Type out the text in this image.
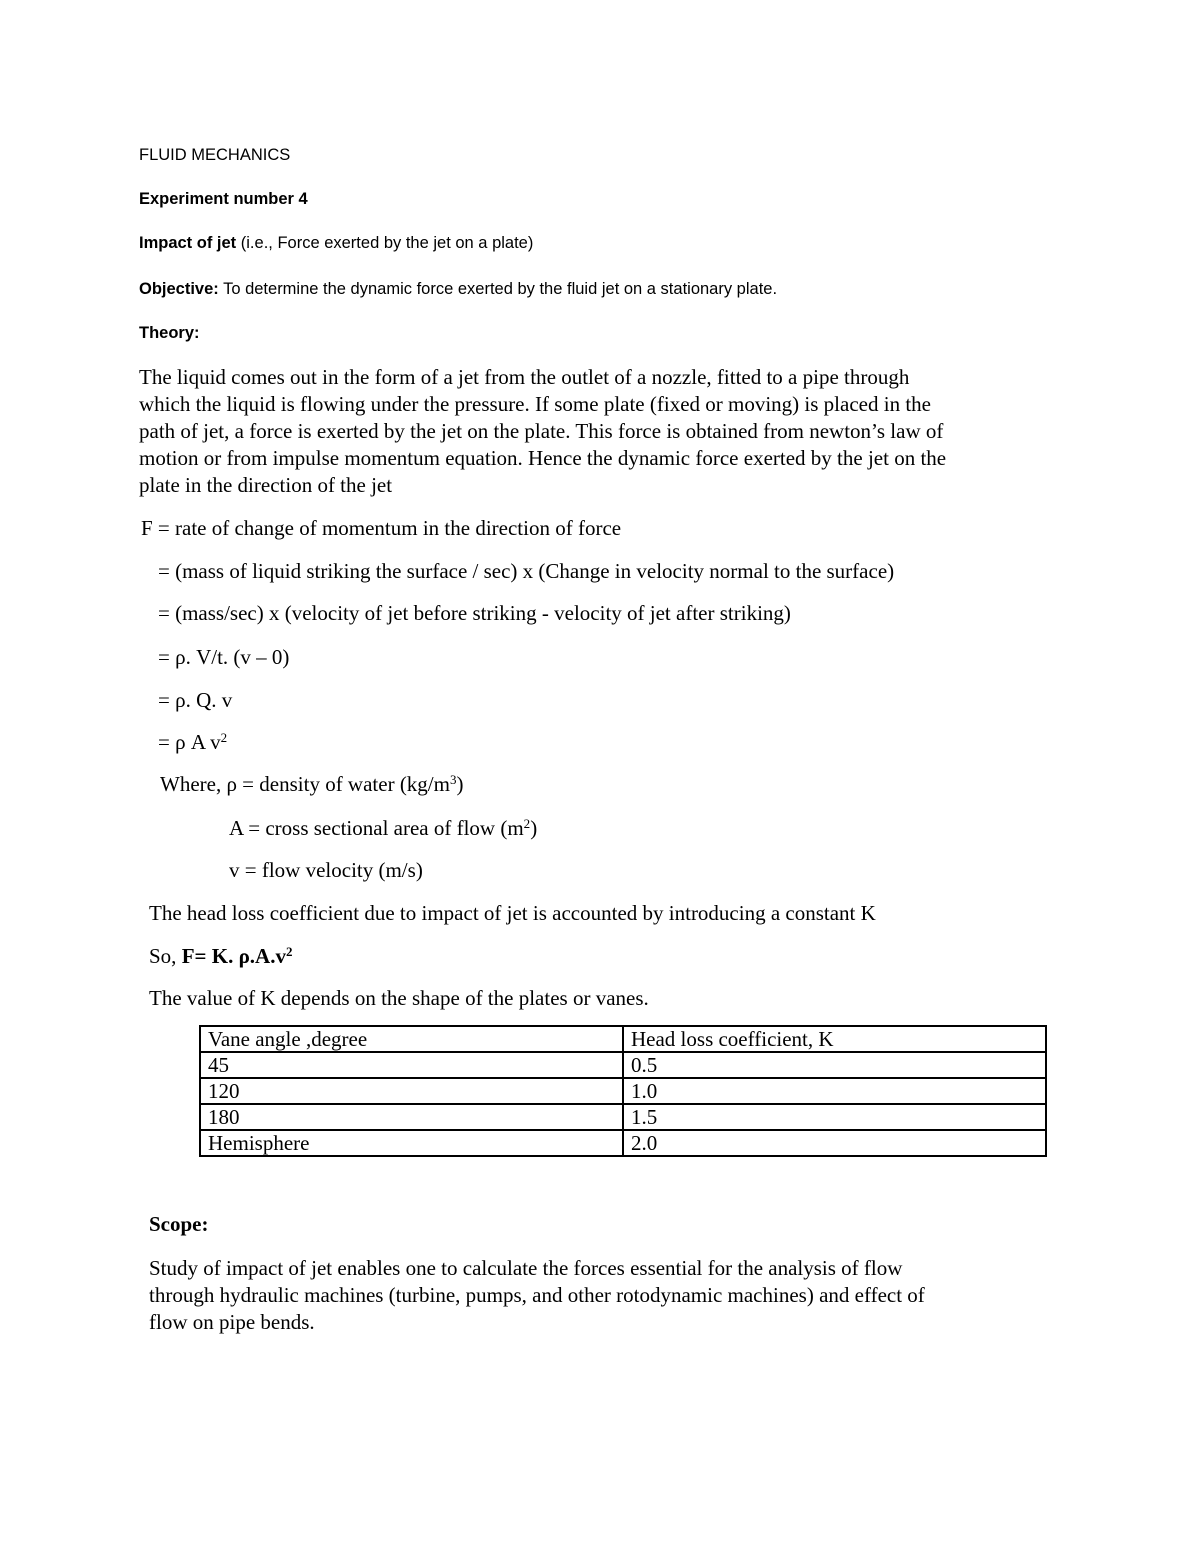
FLUID MECHANICS
Experiment number 4
Impact of jet (i.e., Force exerted by the jet on a plate)
Objective: To determine the dynamic force exerted by the fluid jet on a stationary plate.
Theory:
The liquid comes out in the form of a jet from the outlet of a nozzle, fitted to a pipe through
which the liquid is flowing under the pressure. If some plate (fixed or moving) is placed in the
path of jet, a force is exerted by the jet on the plate. This force is obtained from newton’s law of
motion or from impulse momentum equation. Hence the dynamic force exerted by the jet on the
plate in the direction of the jet
F = rate of change of momentum in the direction of force
= (mass of liquid striking the surface / sec) x (Change in velocity normal to the surface)
= (mass/sec) x (velocity of jet before striking - velocity of jet after striking)
= ρ. V/t. (v – 0)
= ρ. Q. v
= ρ A $v^2$
Where, ρ = density of water $(kg/m^3)$
A = cross sectional area of flow $(m^2)$
v = flow velocity (m/s)
The head loss coefficient due to impact of jet is accounted by introducing a constant K
So, F= K. $\rho.A.v^2$
The value of K depends on the shape of the plates or vanes.
Vane angle ,degree	Head loss coefficient, K
45	0.5
120	1.0
180	1.5
Hemisphere	2.0
Scope:
Study of impact of jet enables one to calculate the forces essential for the analysis of flow
through hydraulic machines (turbine, pumps, and other rotodynamic machines) and effect of
flow on pipe bends.
